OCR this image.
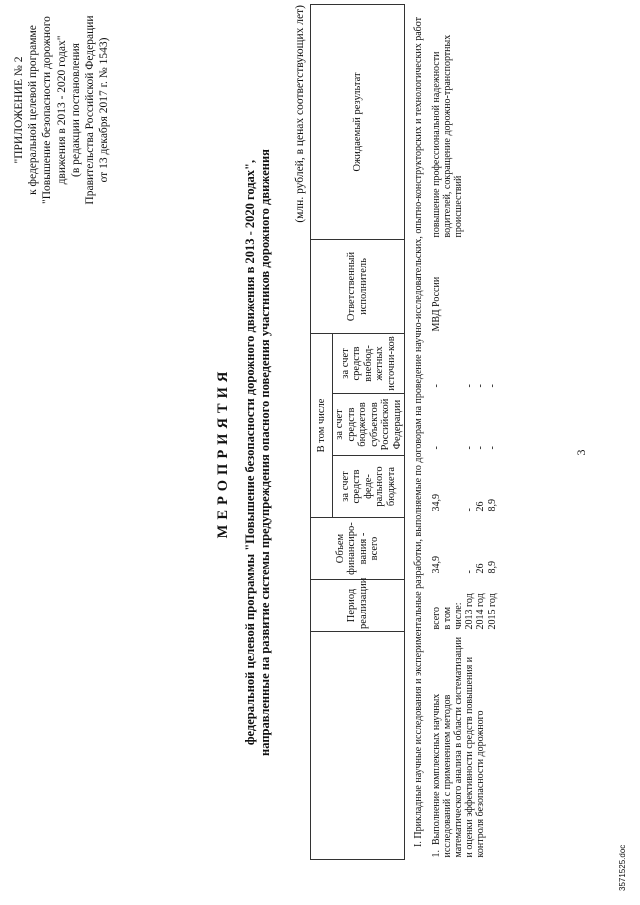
3
"ПРИЛОЖЕНИЕ № 2 к федеральной целевой программе "Повышение безопасности дорожного движения в 2013 - 2020 годах" (в редакции постановления Правительства Российской Федерации от 13 декабря 2017 г. № 1543)
МЕРОПРИЯТИЯ федеральной целевой программы "Повышение безопасности дорожного движения в 2013 - 2020 годах", направленные на развитие системы предупреждения опасного поведения участников дорожного движения
(млн. рублей, в ценах соответствующих лет)
	Период реализации	Объем финансиро-вания - всего	В том числе			Ответственный исполнитель	Ожидаемый результат
			за счет средств феде-рального бюджета	за счет средств бюджетов субъектов Российской Федерации	за счет средств внебюд-жетных источни-ков		
I. Прикладные научные исследования и экспериментальные разработки, выполняемые по договорам на проведение научно-исследовательских, опытно-конструкторских и технологических работ							
1.  Выполнение комплексных научных исследований с применением методов математического анализа в области систематизации и оценки эффективности средств повышения и контроля безопасности дорожного	всего	34,9	34,9	-	-	МВД России	повышение профессиональной надежности водителей, сокращение дорожно-транспортных происшествий
	в том числе:						
	2013 год	-	-	-	-		
	2014 год	26	26	-	-		
	2015 год	8,9	8,9	-	-		
3571525.doc
